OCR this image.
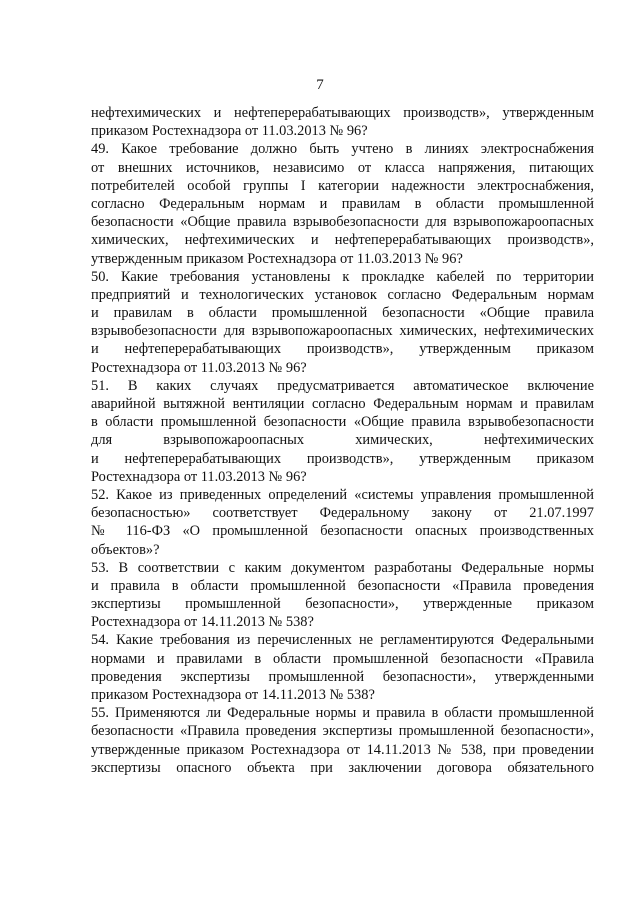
7
нефтехимических и нефтеперерабатывающих производств», утвержденным
приказом Ростехнадзора от 11.03.2013 № 96?
49. Какое требование должно быть учтено в линиях электроснабжения
от внешних источников, независимо от класса напряжения, питающих
потребителей особой группы I категории надежности электроснабжения,
согласно Федеральным нормам и правилам в области промышленной
безопасности «Общие правила взрывобезопасности для взрывопожароопасных
химических, нефтехимических и нефтеперерабатывающих производств»,
утвержденным приказом Ростехнадзора от 11.03.2013 № 96?
50. Какие требования установлены к прокладке кабелей по территории
предприятий и технологических установок согласно Федеральным нормам
и правилам в области промышленной безопасности «Общие правила
взрывобезопасности для взрывопожароопасных химических, нефтехимических
и нефтеперерабатывающих производств», утвержденным приказом
Ростехнадзора от 11.03.2013 № 96?
51. В каких случаях предусматривается автоматическое включение
аварийной вытяжной вентиляции согласно Федеральным нормам и правилам
в области промышленной безопасности «Общие правила взрывобезопасности
для взрывопожароопасных химических, нефтехимических
и нефтеперерабатывающих производств», утвержденным приказом
Ростехнадзора от 11.03.2013 № 96?
52. Какое из приведенных определений «системы управления промышленной
безопасностью» соответствует Федеральному закону от 21.07.1997
№ 116-ФЗ «О промышленной безопасности опасных производственных
объектов»?
53. В соответствии с каким документом разработаны Федеральные нормы
и правила в области промышленной безопасности «Правила проведения
экспертизы промышленной безопасности», утвержденные приказом
Ростехнадзора от 14.11.2013 № 538?
54. Какие требования из перечисленных не регламентируются Федеральными
нормами и правилами в области промышленной безопасности «Правила
проведения экспертизы промышленной безопасности», утвержденными
приказом Ростехнадзора от 14.11.2013 № 538?
55. Применяются ли Федеральные нормы и правила в области промышленной
безопасности «Правила проведения экспертизы промышленной безопасности»,
утвержденные приказом Ростехнадзора от 14.11.2013 № 538, при проведении
экспертизы опасного объекта при заключении договора обязательного
